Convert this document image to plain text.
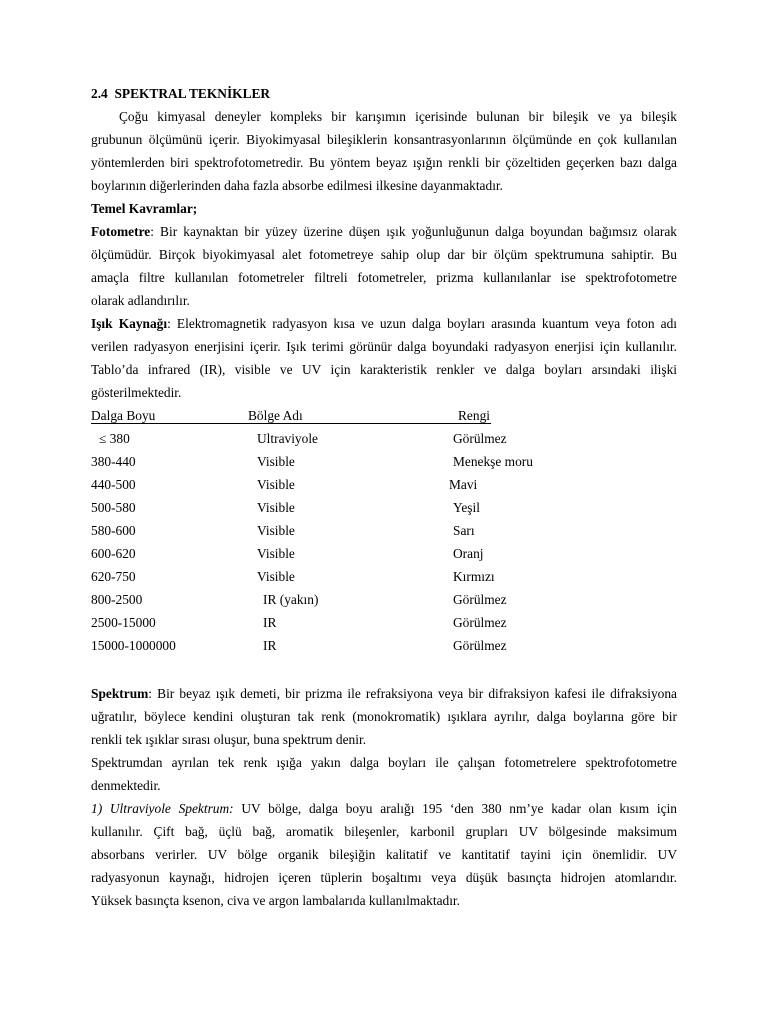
2.4 SPEKTRAL TEKNİKLER
Çoğu kimyasal deneyler kompleks bir karışımın içerisinde bulunan bir bileşik ve ya bileşik
grubunun ölçümünü içerir. Biyokimyasal bileşiklerin konsantrasyonlarının ölçümünde en çok kullanılan
yöntemlerden biri spektrofotometredir. Bu yöntem beyaz ışığın renkli bir çözeltiden geçerken bazı dalga
boylarının diğerlerinden daha fazla absorbe edilmesi ilkesine dayanmaktadır.
Temel Kavramlar;
Fotometre: Bir kaynaktan bir yüzey üzerine düşen ışık yoğunluğunun dalga boyundan bağımsız olarak
ölçümüdür. Birçok biyokimyasal alet fotometreye sahip olup dar bir ölçüm spektrumuna sahiptir. Bu
amaçla filtre kullanılan fotometreler filtreli fotometreler, prizma kullanılanlar ise spektrofotometre
olarak adlandırılır.
Işık Kaynağı: Elektromagnetik radyasyon kısa ve uzun dalga boyları arasında kuantum veya foton adı
verilen radyasyon enerjisini içerir. Işık terimi görünür dalga boyundaki radyasyon enerjisi için kullanılır.
Tablo’da infrared (IR), visible ve UV için karakteristik renkler ve dalga boyları arsındaki ilişki
gösterilmektedir.
Dalga Boyu	Bölge Adı	Rengi
≤ 380	Ultraviyole	Görülmez
380-440	Visible	Menekşe moru
440-500	Visible	Mavi
500-580	Visible	Yeşil
580-600	Visible	Sarı
600-620	Visible	Oranj
620-750	Visible	Kırmızı
800-2500	IR (yakın)	Görülmez
2500-15000	IR	Görülmez
15000-1000000	IR	Görülmez
Spektrum: Bir beyaz ışık demeti, bir prizma ile refraksiyona veya bir difraksiyon kafesi ile difraksiyona
uğratılır, böylece kendini oluşturan tak renk (monokromatik) ışıklara ayrılır, dalga boylarına göre bir
renkli tek ışıklar sırası oluşur, buna spektrum denir.
Spektrumdan ayrılan tek renk ışığa yakın dalga boyları ile çalışan fotometrelere spektrofotometre
denmektedir.
1) Ultraviyole Spektrum: UV bölge, dalga boyu aralığı 195 ‘den 380 nm’ye kadar olan kısım için
kullanılır. Çift bağ, üçlü bağ, aromatik bileşenler, karbonil grupları UV bölgesinde maksimum
absorbans verirler. UV bölge organik bileşiğin kalitatif ve kantitatif tayini için önemlidir. UV
radyasyonun kaynağı, hidrojen içeren tüplerin boşaltımı veya düşük basınçta hidrojen atomlarıdır.
Yüksek basınçta ksenon, civa ve argon lambalarıda kullanılmaktadır.
